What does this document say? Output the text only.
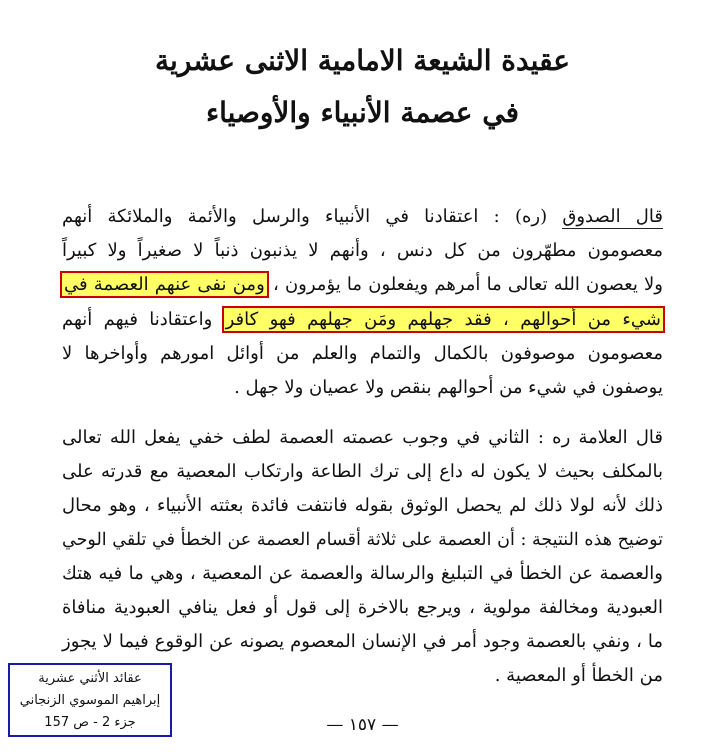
عقيدة الشيعة الامامية الاثنى عشرية
في عصمة الأنبياء والأوصياء
قال الصدوق (ره) : اعتقادنا في الأنبياء والرسل والأئمة والملائكة أنهم
معصومون مطهّرون من كل دنس ، وأنهم لا يذنبون ذنباً لا صغيراً ولا كبيراً
ولا يعصون الله تعالى ما أمرهم ويفعلون ما يؤمرون ، ومن نفى عنهم العصمة في
شيء من أحوالهم ، فقد جهلهم ومَن جهلهم فهو كافر واعتقادنا فيهم أنهم
معصومون موصوفون بالكمال والتمام والعلم من أوائل امورهم وأواخرها لا
يوصفون في شيء من أحوالهم بنقص ولا عصيان ولا جهل .
قال العلامة ره : الثاني في وجوب عصمته العصمة لطف خفي يفعل الله تعالى
بالمكلف بحيث لا يكون له داع إلى ترك الطاعة وارتكاب المعصية مع قدرته على
ذلك لأنه لولا ذلك لم يحصل الوثوق بقوله فانتفت فائدة بعثته الأنبياء ، وهو محال
توضيح هذه النتيجة : أن العصمة على ثلاثة أقسام العصمة عن الخطأ في تلقي الوحي
والعصمة عن الخطأ في التبليغ والرسالة والعصمة عن المعصية ، وهي ما فيه هتك
العبودية ومخالفة مولوية ، ويرجع بالاخرة إلى قول أو فعل ينافي العبودية منافاة
ما ، ونفي بالعصمة وجود أمر في الإنسان المعصوم يصونه عن الوقوع فيما لا يجوز
من الخطأ أو المعصية .
— ١٥٧ —
عقائد الأثني عشرية
إبراهيم الموسوي الزنجاني
جزء 2 - ص 157
